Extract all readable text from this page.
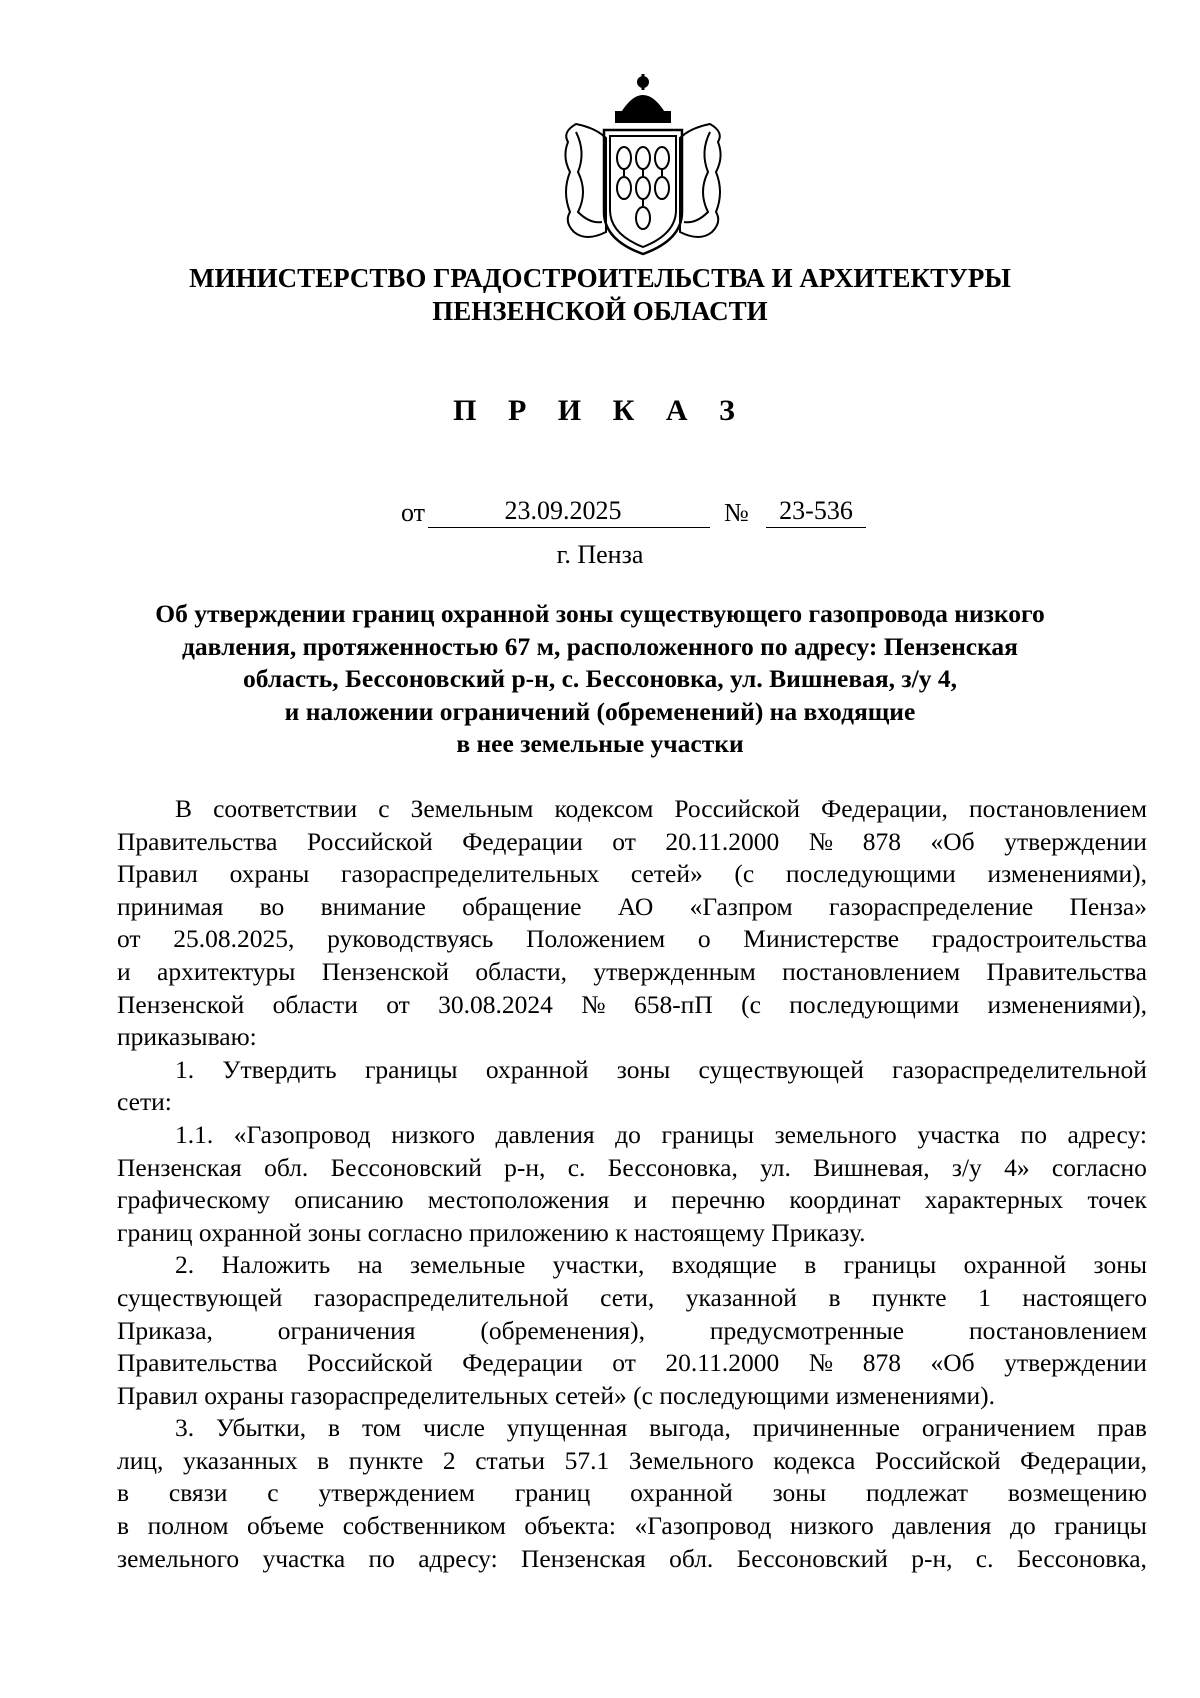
МИНИСТЕРСТВО ГРАДОСТРОИТЕЛЬСТВА И АРХИТЕКТУРЫ
ПЕНЗЕНСКОЙ ОБЛАСТИ
П Р И К А З
от	23.09.2025	№	23-536
г. Пенза
Об утверждении границ охранной зоны существующего газопровода низкого
давления, протяженностью 67 м, расположенного по адресу: Пензенская
область, Бессоновский р-н, с. Бессоновка, ул. Вишневая, з/у 4,
и наложении ограничений (обременений) на входящие
в нее земельные участки
В соответствии с Земельным кодексом Российской Федерации, постановлением
Правительства Российской Федерации от 20.11.2000 № 878 «Об утверждении
Правил охраны газораспределительных сетей» (с последующими изменениями),
принимая во внимание обращение АО «Газпром газораспределение Пенза»
от 25.08.2025, руководствуясь Положением о Министерстве градостроительства
и архитектуры Пензенской области, утвержденным постановлением Правительства
Пензенской области от 30.08.2024 № 658-пП (с последующими изменениями),
приказываю:
1. Утвердить границы охранной зоны существующей газораспределительной
сети:
1.1. «Газопровод низкого давления до границы земельного участка по адресу:
Пензенская обл. Бессоновский р-н, с. Бессоновка, ул. Вишневая, з/у 4» согласно
графическому описанию местоположения и перечню координат характерных точек
границ охранной зоны согласно приложению к настоящему Приказу.
2. Наложить на земельные участки, входящие в границы охранной зоны
существующей газораспределительной сети, указанной в пункте 1 настоящего
Приказа,	ограничения	(обременения),	предусмотренные	постановлением
Правительства Российской Федерации от 20.11.2000 № 878 «Об утверждении
Правил охраны газораспределительных сетей» (с последующими изменениями).
3. Убытки, в том числе упущенная выгода, причиненные ограничением прав
лиц, указанных в пункте 2 статьи 57.1 Земельного кодекса Российской Федерации,
в связи с утверждением границ охранной зоны подлежат возмещению
в полном объеме собственником объекта: «Газопровод низкого давления до границы
земельного участка по адресу: Пензенская обл. Бессоновский р-н, с. Бессоновка,
